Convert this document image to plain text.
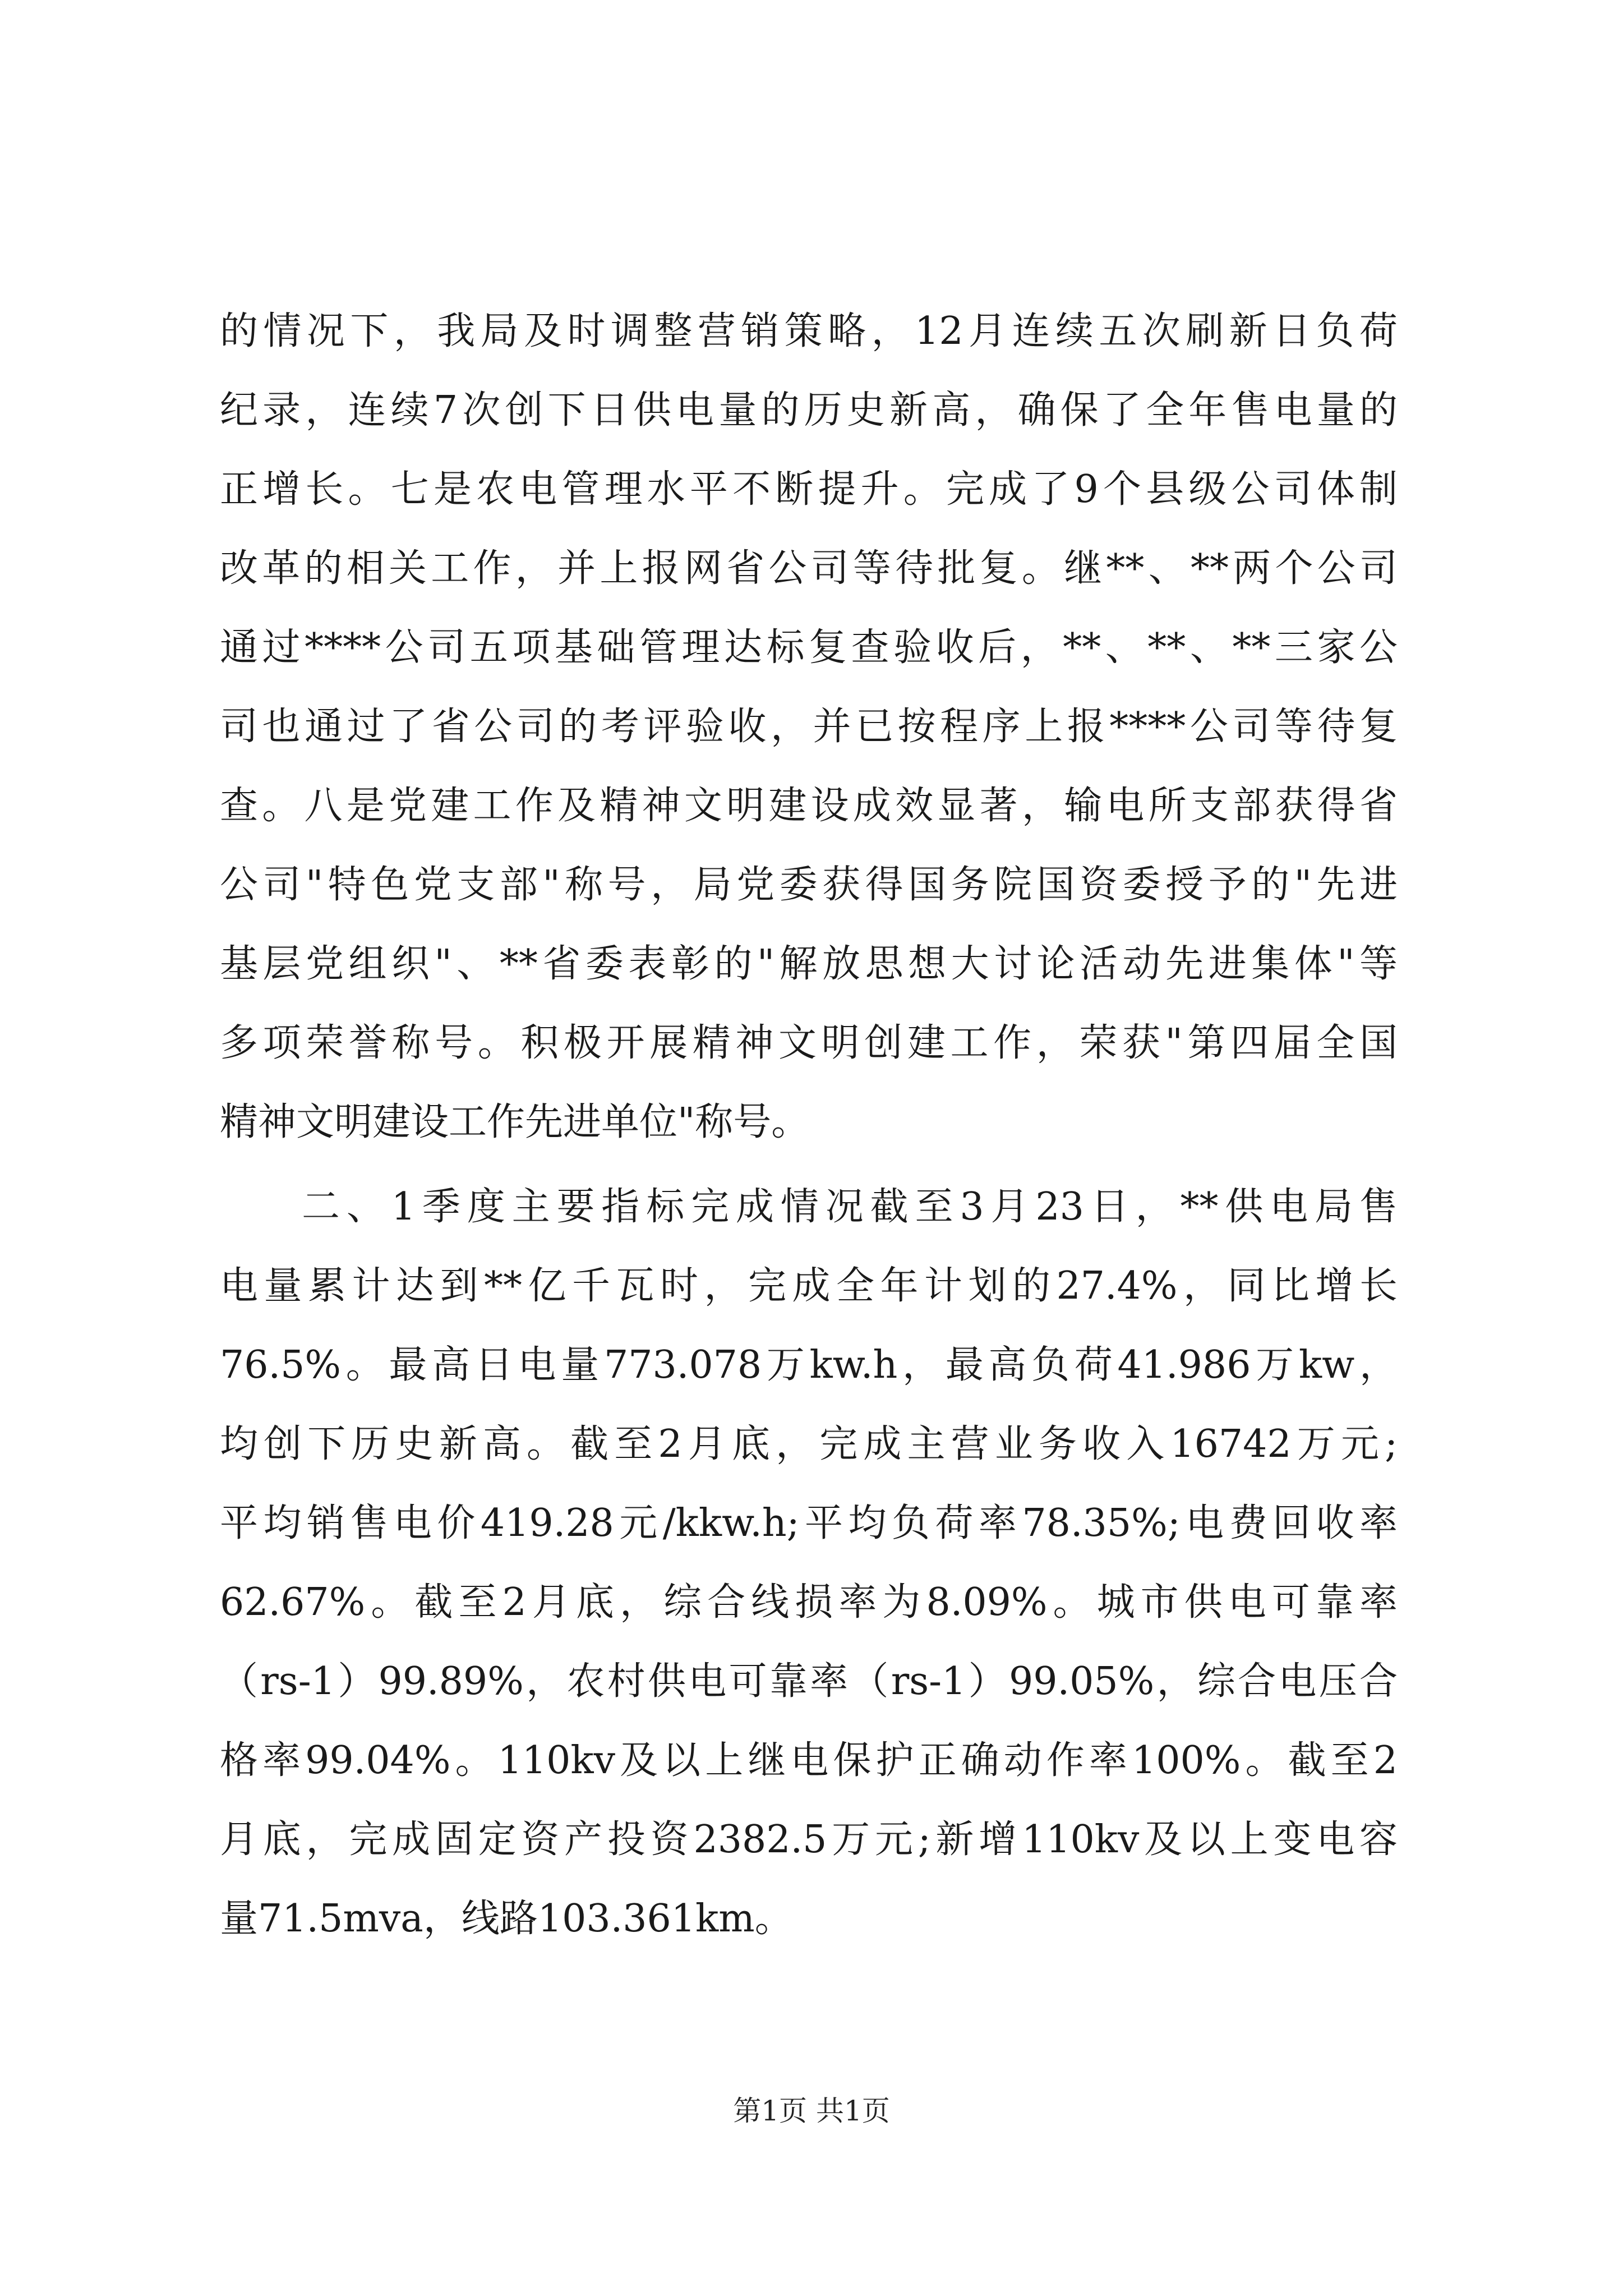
的情况下，我局及时调整营销策略，12月连续五次刷新日负荷
纪录，连续7次创下日供电量的历史新高，确保了全年售电量的
正增长。七是农电管理水平不断提升。完成了9个县级公司体制
改革的相关工作，并上报网省公司等待批复。继**、**两个公司
通过****公司五项基础管理达标复查验收后，**、**、**三家公
司也通过了省公司的考评验收，并已按程序上报****公司等待复
查。八是党建工作及精神文明建设成效显著，输电所支部获得省
公司"特色党支部"称号，局党委获得国务院国资委授予的"先进
基层党组织"、**省委表彰的"解放思想大讨论活动先进集体"等
多项荣誉称号。积极开展精神文明创建工作，荣获"第四届全国
精神文明建设工作先进单位"称号。
二、1季度主要指标完成情况截至3月23日，**供电局售
电量累计达到**亿千瓦时，完成全年计划的27.4%，同比增长
76.5%。最高日电量773.078万kw.h，最高负荷41.986万kw，
均创下历史新高。截至2月底，完成主营业务收入16742万元;
平均销售电价419.28元/kkw.h;平均负荷率78.35%;电费回收率
62.67%。截至2月底，综合线损率为8.09%。城市供电可靠率
（rs-1）99.89%，农村供电可靠率（rs-1）99.05%，综合电压合
格率99.04%。110kv及以上继电保护正确动作率100%。截至2
月底，完成固定资产投资2382.5万元;新增110kv及以上变电容
量71.5mva，线路103.361km。
第1页 共1页
